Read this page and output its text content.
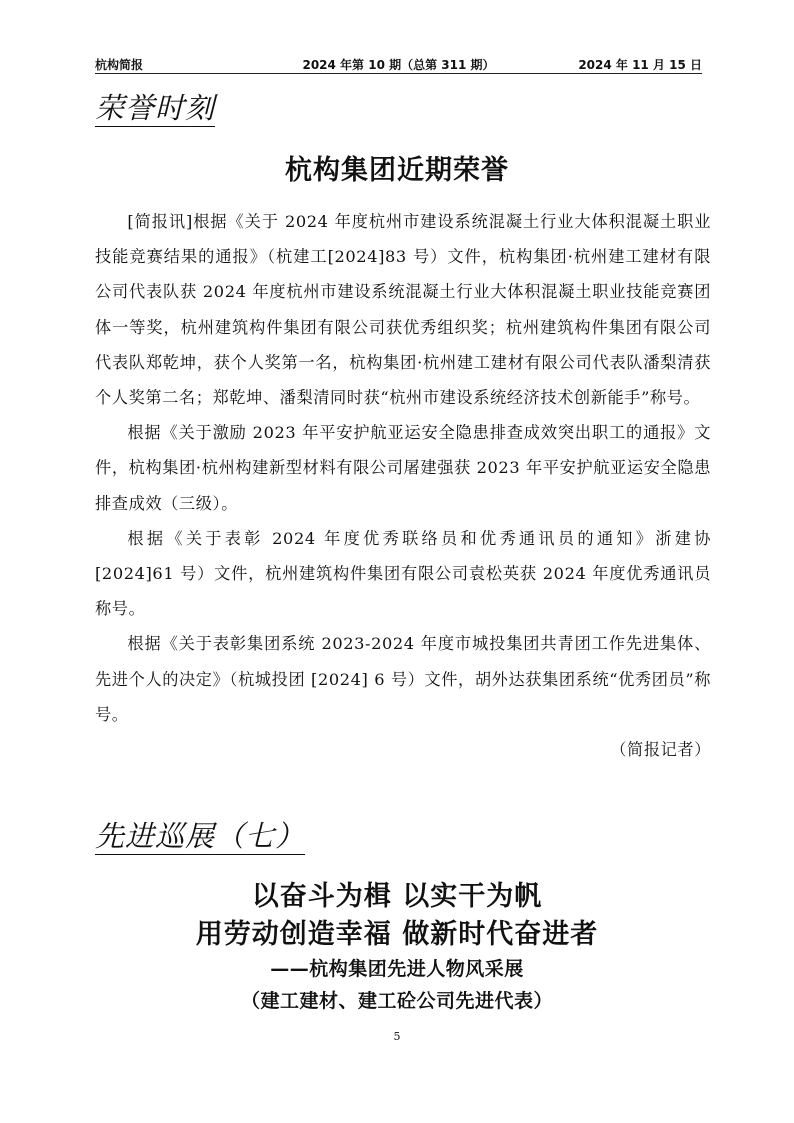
杭构简报	2024 年第 10 期（总第 311 期）	2024 年 11 月 15 日
荣誉时刻
杭构集团近期荣誉

[简报讯]根据《关于 2024 年度杭州市建设系统混凝土行业大体积混凝土职业技能竞赛结果的通报》（杭建工[2024]83 号）文件，杭构集团·杭州建工建材有限公司代表队获 2024 年度杭州市建设系统混凝土行业大体积混凝土职业技能竞赛团体一等奖，杭州建筑构件集团有限公司获优秀组织奖；杭州建筑构件集团有限公司代表队郑乾坤，获个人奖第一名，杭构集团·杭州建工建材有限公司代表队潘梨清获个人奖第二名；郑乾坤、潘梨清同时获“杭州市建设系统经济技术创新能手”称号。

根据《关于激励 2023 年平安护航亚运安全隐患排查成效突出职工的通报》文件，杭构集团·杭州构建新型材料有限公司屠建强获 2023 年平安护航亚运安全隐患排查成效（三级）。

根据《关于表彰 2024 年度优秀联络员和优秀通讯员的通知》浙建协[2024]61 号）文件，杭州建筑构件集团有限公司袁松英获 2024 年度优秀通讯员称号。

根据《关于表彰集团系统 2023-2024 年度市城投集团共青团工作先进集体、先进个人的决定》（杭城投团 [2024] 6 号）文件，胡外达获集团系统“优秀团员”称号。

（简报记者）
先进巡展（七）
以奋斗为楫 以实干为帆
用劳动创造幸福 做新时代奋进者
——杭构集团先进人物风采展
（建工建材、建工砼公司先进代表）
5
